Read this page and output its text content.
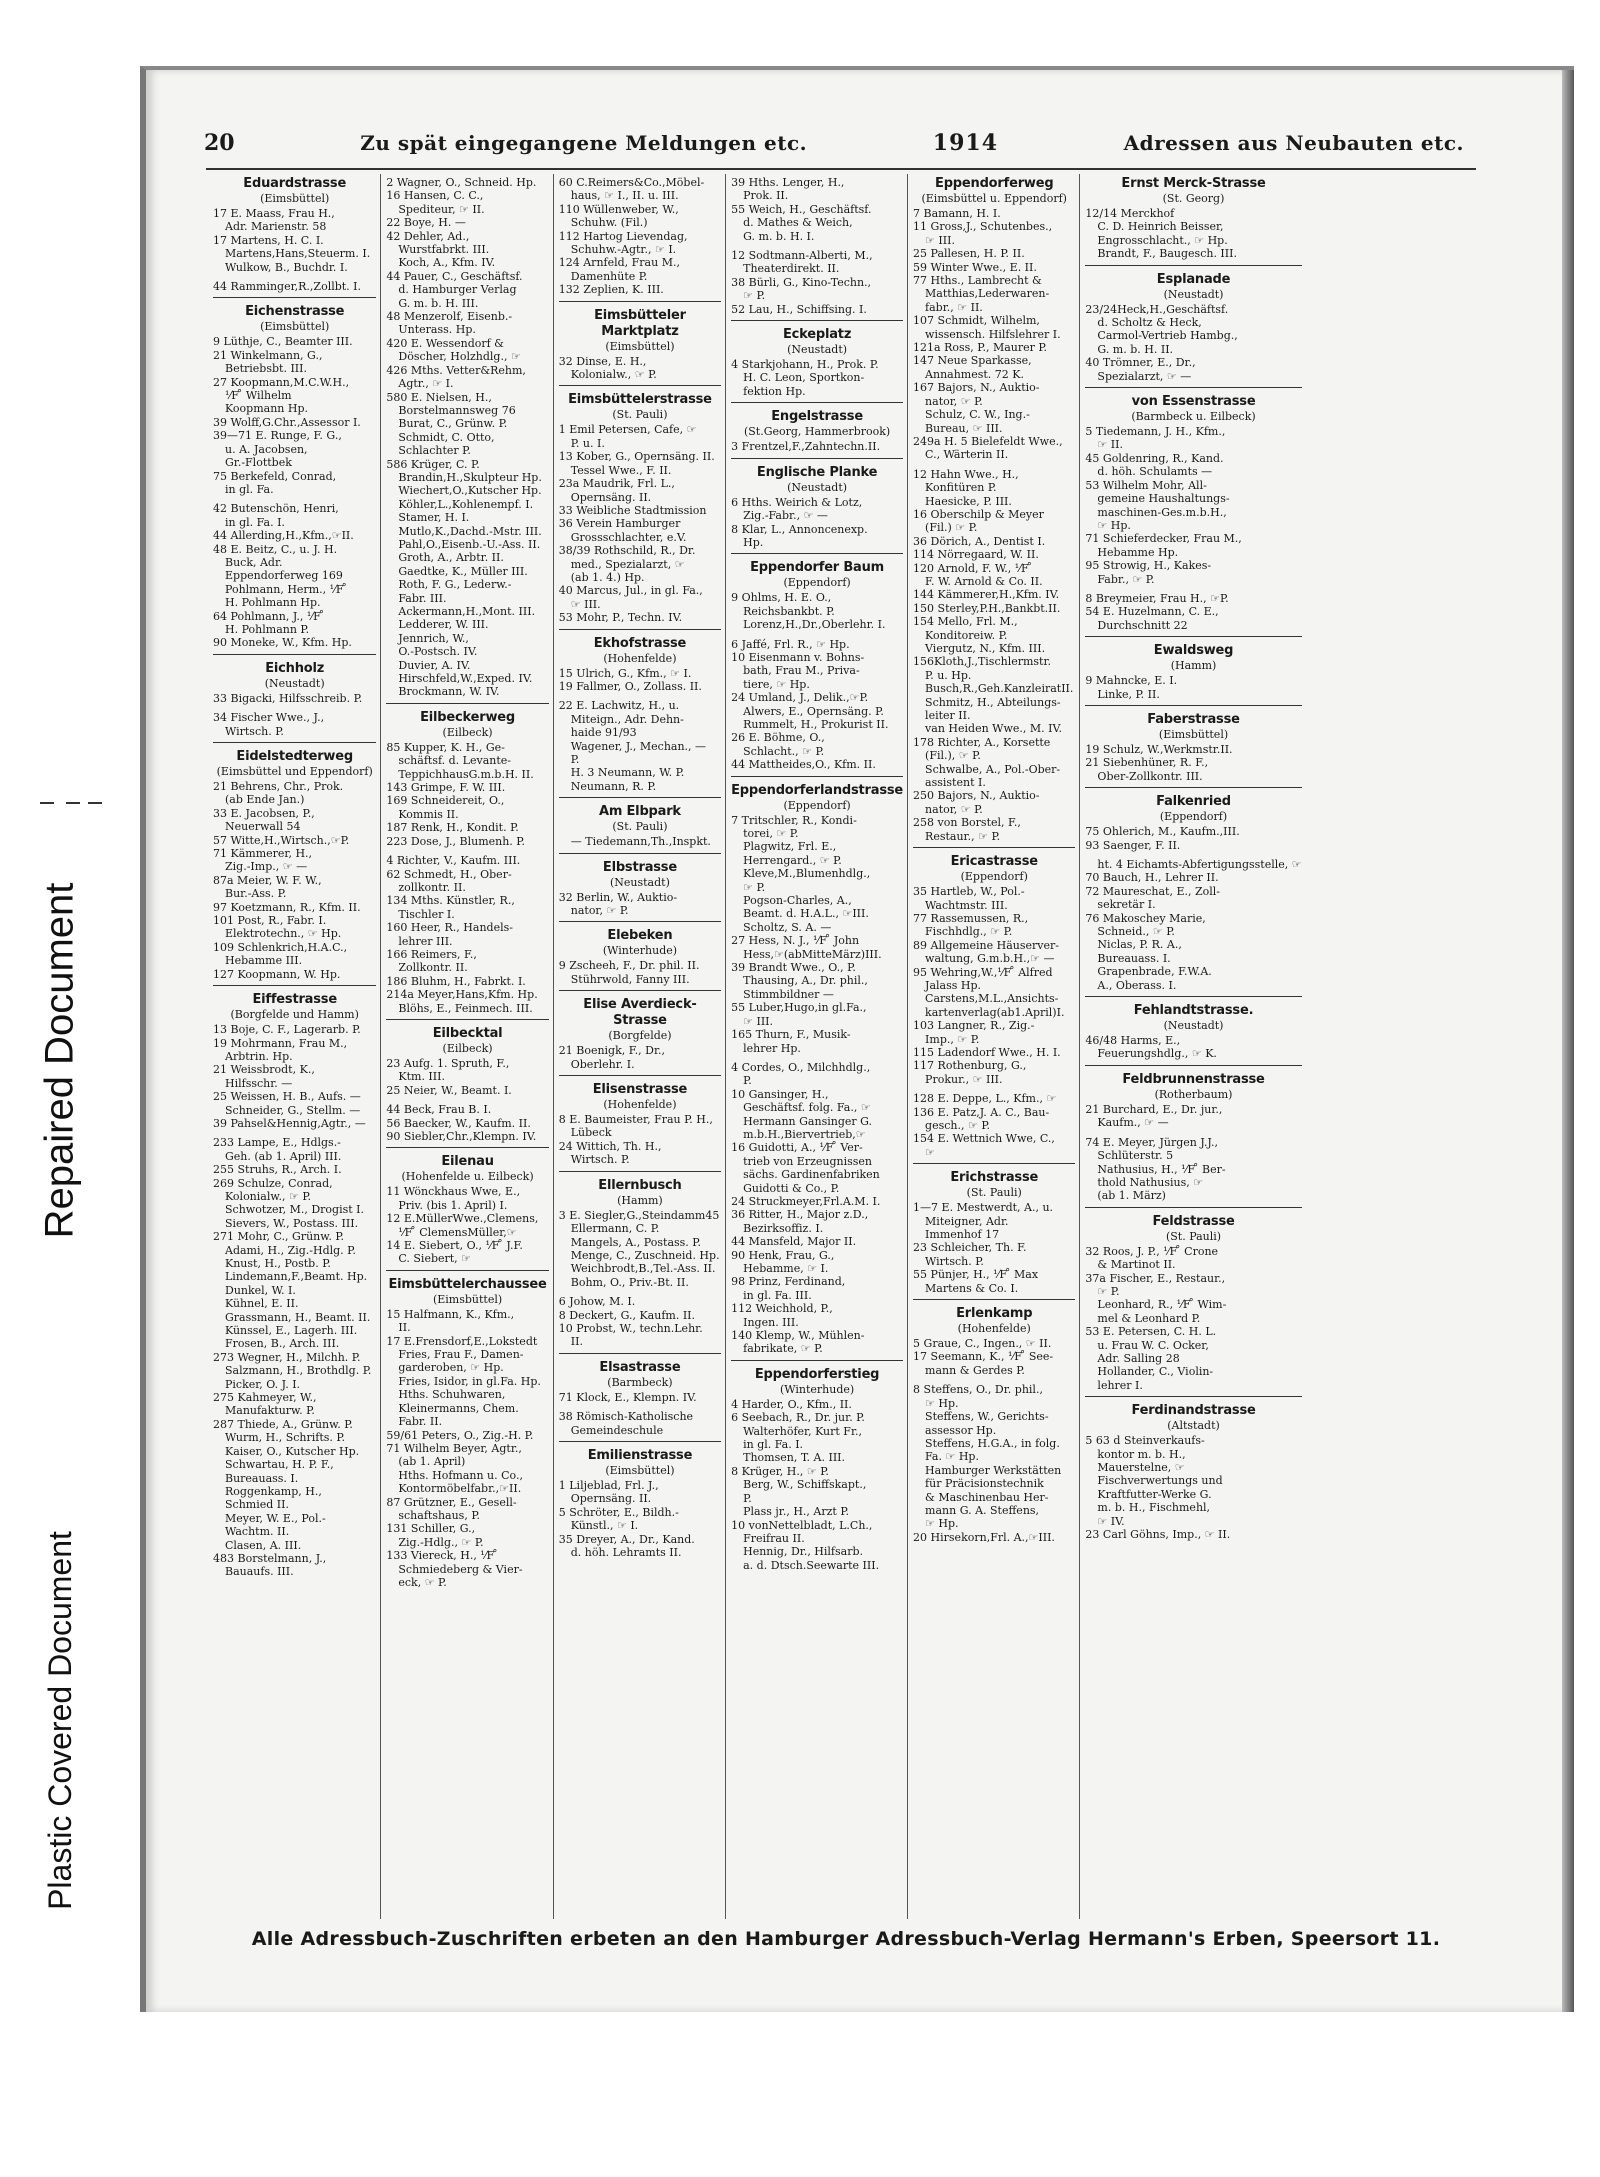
Repaired Document
Plastic Covered Document
20	Zu spät eingegangene Meldungen etc.	1914	Adressen aus Neubauten etc.
Eduardstrasse
(Eimsbüttel)
17 E. Maass, Frau H.,
Adr. Marienstr. 58
17 Martens, H. C. I.
Martens,Hans,Steuerm. I.
Wulkow, B., Buchdr. I.
44 Ramminger,R.,Zollbt. I.
Eichenstrasse
(Eimsbüttel)
9 Lüthje, C., Beamter III.
21 Winkelmann, G.,
Betriebsbt. III.
27 Koopmann,M.C.W.H.,
⅟F ̊ Wilhelm
Koopmann Hp.
39 Wolff,G.Chr.,Assessor I.
39—71 E. Runge, F. G.,
u. A. Jacobsen,
Gr.-Flottbek
75 Berkefeld, Conrad,
in gl. Fa.
42 Butenschön, Henri,
in gl. Fa. I.
44 Allerding,H.,Kfm.,☞II.
48 E. Beitz, C., u. J. H.
Buck, Adr.
Eppendorferweg 169
Pohlmann, Herm., ⅟F ̊
H. Pohlmann Hp.
64 Pohlmann, J., ⅟F ̊
H. Pohlmann P.
90 Moneke, W., Kfm. Hp.
Eichholz
(Neustadt)
33 Bigacki, Hilfsschreib. P.
34 Fischer Wwe., J.,
Wirtsch. P.
Eidelstedterweg
(Eimsbüttel und Eppendorf)
21 Behrens, Chr., Prok.
(ab Ende Jan.)
33 E. Jacobsen, P.,
Neuerwall 54
57 Witte,H.,Wirtsch.,☞P.
71 Kämmerer, H.,
Zig.-Imp., ☞ —
87a Meier, W. F. W.,
Bur.-Ass. P.
97 Koetzmann, R., Kfm. II.
101 Post, R., Fabr. I.
Elektrotechn., ☞ Hp.
109 Schlenkrich,H.A.C.,
Hebamme III.
127 Koopmann, W. Hp.
Eiffestrasse
(Borgfelde und Hamm)
13 Boje, C. F., Lagerarb. P.
19 Mohrmann, Frau M.,
Arbtrin. Hp.
21 Weissbrodt, K.,
Hilfsschr. —
25 Weissen, H. B., Aufs. —
Schneider, G., Stellm. —
39 Pahsel&Hennig,Agtr., —
233 Lampe, E., Hdlgs.-
Geh. (ab 1. April) III.
255 Struhs, R., Arch. I.
269 Schulze, Conrad,
Kolonialw., ☞ P.
Schwotzer, M., Drogist I.
Sievers, W., Postass. III.
271 Mohr, C., Grünw. P.
Adami, H., Zig.-Hdlg. P.
Knust, H., Postb. P.
Lindemann,F.,Beamt. Hp.
Dunkel, W. I.
Kühnel, E. II.
Grassmann, H., Beamt. II.
Künssel, E., Lagerh. III.
Frosen, B., Arch. III.
273 Wegner, H., Milchh. P.
Salzmann, H., Brothdlg. P.
Picker, O. J. I.
275 Kahmeyer, W.,
Manufakturw. P.
287 Thiede, A., Grünw. P.
Wurm, H., Schrifts. P.
Kaiser, O., Kutscher Hp.
Schwartau, H. P. F.,
Bureauass. I.
Roggenkamp, H.,
Schmied II.
Meyer, W. E., Pol.-
Wachtm. II.
Clasen, A. III.
483 Borstelmann, J.,
Bauaufs. III.
2 Wagner, O., Schneid. Hp.
16 Hansen, C. C.,
Spediteur, ☞ II.
22 Boye, H. —
42 Dehler, Ad.,
Wurstfabrkt. III.
Koch, A., Kfm. IV.
44 Pauer, C., Geschäftsf.
d. Hamburger Verlag
G. m. b. H. III.
48 Menzerolf, Eisenb.-
Unterass. Hp.
420 E. Wessendorf &
Döscher, Holzhdlg., ☞
426 Mths. Vetter&Rehm,
Agtr., ☞ I.
580 E. Nielsen, H.,
Borstelmannsweg 76
Burat, C., Grünw. P.
Schmidt, C. Otto,
Schlachter P.
586 Krüger, C. P.
Brandin,H.,Skulpteur Hp.
Wiechert,O.,Kutscher Hp.
Köhler,L.,Kohlenempf. I.
Stamer, H. I.
Mutlo,K.,Dachd.-Mstr. III.
Pahl,O.,Eisenb.-U.-Ass. II.
Groth, A., Arbtr. II.
Gaedtke, K., Müller III.
Roth, F. G., Lederw.-
Fabr. III.
Ackermann,H.,Mont. III.
Ledderer, W. III.
Jennrich, W.,
O.-Postsch. IV.
Duvier, A. IV.
Hirschfeld,W.,Exped. IV.
Brockmann, W. IV.
Eilbeckerweg
(Eilbeck)
85 Kupper, K. H., Ge-
schäftsf. d. Levante-
TeppichhausG.m.b.H. II.
143 Grimpe, F. W. III.
169 Schneidereit, O.,
Kommis II.
187 Renk, H., Kondit. P.
223 Dose, J., Blumenh. P.
4 Richter, V., Kaufm. III.
62 Schmedt, H., Ober-
zollkontr. II.
134 Mths. Künstler, R.,
Tischler I.
160 Heer, R., Handels-
lehrer III.
166 Reimers, F.,
Zollkontr. II.
186 Bluhm, H., Fabrkt. I.
214a Meyer,Hans,Kfm. Hp.
Blöhs, E., Feinmech. III.
Eilbecktal
(Eilbeck)
23 Aufg. 1. Spruth, F.,
Ktm. III.
25 Neier, W., Beamt. I.
44 Beck, Frau B. I.
56 Baecker, W., Kaufm. II.
90 Siebler,Chr.,Klempn. IV.
Eilenau
(Hohenfelde u. Eilbeck)
11 Wönckhaus Wwe, E.,
Priv. (bis 1. April) I.
12 E.MüllerWwe.,Clemens,
⅟F ̊ ClemensMüller,☞
14 E. Siebert, O., ⅟F ̊ J.F.
C. Siebert, ☞
Eimsbüttelerchaussee
(Eimsbüttel)
15 Halfmann, K., Kfm.,
II.
17 E.Frensdorf,E.,Lokstedt
Fries, Frau F., Damen-
garderoben, ☞ Hp.
Fries, Isidor, in gl.Fa. Hp.
Hths. Schuhwaren,
Kleinermanns, Chem.
Fabr. II.
59/61 Peters, O., Zig.-H. P.
71 Wilhelm Beyer, Agtr.,
(ab 1. April)
Hths. Hofmann u. Co.,
Kontormöbelfabr.,☞II.
87 Grützner, E., Gesell-
schaftshaus, P.
131 Schiller, G.,
Zig.-Hdlg., ☞ P.
133 Viereck, H., ⅟F ̊
Schmiedeberg & Vier-
eck, ☞ P.
60 C.Reimers&Co.,Möbel-
haus, ☞ I., II. u. III.
110 Wüllenweber, W.,
Schuhw. (Fil.)
112 Hartog Lievendag,
Schuhw.-Agtr., ☞ I.
124 Arnfeld, Frau M.,
Damenhüte P.
132 Zeplien, K. III.
Eimsbütteler Marktplatz
(Eimsbüttel)
32 Dinse, E. H.,
Kolonialw., ☞ P.
Eimsbüttelerstrasse
(St. Pauli)
1 Emil Petersen, Cafe, ☞
P. u. I.
13 Kober, G., Opernsäng. II.
Tessel Wwe., F. II.
23a Maudrik, Frl. L.,
Opernsäng. II.
33 Weibliche Stadtmission
36 Verein Hamburger
Grossschlachter, e.V.
38/39 Rothschild, R., Dr.
med., Spezialarzt, ☞
(ab 1. 4.) Hp.
40 Marcus, Jul., in gl. Fa.,
☞ III.
53 Mohr, P., Techn. IV.
Ekhofstrasse
(Hohenfelde)
15 Ulrich, G., Kfm., ☞ I.
19 Fallmer, O., Zollass. II.
22 E. Lachwitz, H., u.
Miteign., Adr. Dehn-
haide 91/93
Wagener, J., Mechan., —
P.
H. 3 Neumann, W. P.
Neumann, R. P.
Am Elbpark
(St. Pauli)
— Tiedemann,Th.,Inspkt.
Elbstrasse
(Neustadt)
32 Berlin, W., Auktio-
nator, ☞ P.
Elebeken
(Winterhude)
9 Zscheeh, F., Dr. phil. II.
Stührwold, Fanny III.
Elise Averdieck-Strasse
(Borgfelde)
21 Boenigk, F., Dr.,
Oberlehr. I.
Elisenstrasse
(Hohenfelde)
8 E. Baumeister, Frau P. H.,
Lübeck
24 Wittich, Th. H.,
Wirtsch. P.
Ellernbusch
(Hamm)
3 E. Siegler,G.,Steindamm45
Ellermann, C. P.
Mangels, A., Postass. P.
Menge, C., Zuschneid. Hp.
Weichbrodt,B.,Tel.-Ass. II.
Bohm, O., Priv.-Bt. II.
6 Johow, M. I.
8 Deckert, G., Kaufm. II.
10 Probst, W., techn.Lehr.
II.
Elsastrasse
(Barmbeck)
71 Klock, E., Klempn. IV.
38 Römisch-Katholische
Gemeindeschule
Emilienstrasse
(Eimsbüttel)
1 Liljeblad, Frl. J.,
Opernsäng. II.
5 Schröter, E., Bildh.-
Künstl., ☞ I.
35 Dreyer, A., Dr., Kand.
d. höh. Lehramts II.
39 Hths. Lenger, H.,
Prok. II.
55 Weich, H., Geschäftsf.
d. Mathes & Weich,
G. m. b. H. I.
12 Sodtmann-Alberti, M.,
Theaterdirekt. II.
38 Bürli, G., Kino-Techn.,
☞ P.
52 Lau, H., Schiffsing. I.
Eckeplatz
(Neustadt)
4 Starkjohann, H., Prok. P.
H. C. Leon, Sportkon-
fektion Hp.
Engelstrasse
(St.Georg, Hammerbrook)
3 Frentzel,F.,Zahntechn.II.
Englische Planke
(Neustadt)
6 Hths. Weirich & Lotz,
Zig.-Fabr., ☞ —
8 Klar, L., Annoncenexp.
Hp.
Eppendorfer Baum
(Eppendorf)
9 Ohlms, H. E. O.,
Reichsbankbt. P.
Lorenz,H.,Dr.,Oberlehr. I.
6 Jaffé, Frl. R., ☞ Hp.
10 Eisenmann v. Bohns-
bath, Frau M., Priva-
tiere, ☞ Hp.
24 Umland, J., Delik.,☞P.
Alwers, E., Opernsäng. P.
Rummelt, H., Prokurist II.
26 E. Böhme, O.,
Schlacht., ☞ P.
44 Mattheides,O., Kfm. II.
Eppendorferlandstrasse
(Eppendorf)
7 Tritschler, R., Kondi-
torei, ☞ P.
Plagwitz, Frl. E.,
Herrengard., ☞ P.
Kleve,M.,Blumenhdlg.,
☞ P.
Pogson-Charles, A.,
Beamt. d. H.A.L., ☞III.
Scholtz, S. A. —
27 Hess, N. J., ⅟F ̊ John
Hess,☞(abMitteMärz)III.
39 Brandt Wwe., O., P.
Thausing, A., Dr. phil.,
Stimmbildner —
55 Luber,Hugo,in gl.Fa.,
☞ III.
165 Thurn, F., Musik-
lehrer Hp.
4 Cordes, O., Milchhdlg.,
P.
10 Gansinger, H.,
Geschäftsf. folg. Fa., ☞
Hermann Gansinger G.
m.b.H.,Biervertrieb,☞
16 Guidotti, A., ⅟F ̊ Ver-
trieb von Erzeugnissen
sächs. Gardinenfabriken
Guidotti & Co., P.
24 Struckmeyer,Frl.A.M. I.
36 Ritter, H., Major z.D.,
Bezirksoffiz. I.
44 Mansfeld, Major II.
90 Henk, Frau, G.,
Hebamme, ☞ I.
98 Prinz, Ferdinand,
in gl. Fa. III.
112 Weichhold, P.,
Ingen. III.
140 Klemp, W., Mühlen-
fabrikate, ☞ P.
Eppendorferstieg
(Winterhude)
4 Harder, O., Kfm., II.
6 Seebach, R., Dr. jur. P.
Walterhöfer, Kurt Fr.,
in gl. Fa. I.
Thomsen, T. A. III.
8 Krüger, H., ☞ P.
Berg, W., Schiffskapt.,
P.
Plass jr., H., Arzt P.
10 vonNettelbladt, L.Ch.,
Freifrau II.
Hennig, Dr., Hilfsarb.
a. d. Dtsch.Seewarte III.
Eppendorferweg
(Eimsbüttel u. Eppendorf)
7 Bamann, H. I.
11 Gross,J., Schutenbes.,
☞ III.
25 Pallesen, H. P. II.
59 Winter Wwe., E. II.
77 Hths., Lambrecht &
Matthias,Lederwaren-
fabr., ☞ II.
107 Schmidt, Wilhelm,
wissensch. Hilfslehrer I.
121a Ross, P., Maurer P.
147 Neue Sparkasse,
Annahmest. 72 K.
167 Bajors, N., Auktio-
nator, ☞ P.
Schulz, C. W., Ing.-
Bureau, ☞ III.
249a H. 5 Bielefeldt Wwe.,
C., Wärterin II.
12 Hahn Wwe., H.,
Konfitüren P.
Haesicke, P. III.
16 Oberschilp & Meyer
(Fil.) ☞ P.
36 Dörich, A., Dentist I.
114 Nörregaard, W. II.
120 Arnold, F. W., ⅟F ̊
F. W. Arnold & Co. II.
144 Kämmerer,H.,Kfm. IV.
150 Sterley,P.H.,Bankbt.II.
154 Mello, Frl. M.,
Konditoreiw. P.
Viergutz, N., Kfm. III.
156Kloth,J.,Tischlermstr.
P. u. Hp.
Busch,R.,Geh.KanzleiratII.
Schmitz, H., Abteilungs-
leiter II.
van Heiden Wwe., M. IV.
178 Richter, A., Korsette
(Fil.), ☞ P.
Schwalbe, A., Pol.-Ober-
assistent I.
250 Bajors, N., Auktio-
nator, ☞ P.
258 von Borstel, F.,
Restaur., ☞ P.
Ericastrasse
(Eppendorf)
35 Hartleb, W., Pol.-
Wachtmstr. III.
77 Rassemussen, R.,
Fischhdlg., ☞ P.
89 Allgemeine Häuserver-
waltung, G.m.b.H.,☞ —
95 Wehring,W.,⅟F ̊ Alfred
Jalass Hp.
Carstens,M.L.,Ansichts-
kartenverlag(ab1.April)I.
103 Langner, R., Zig.-
Imp., ☞ P.
115 Ladendorf Wwe., H. I.
117 Rothenburg, G.,
Prokur., ☞ III.
128 E. Deppe, L., Kfm., ☞
136 E. Patz,J. A. C., Bau-
gesch., ☞ P.
154 E. Wettnich Wwe, C.,
☞
Erichstrasse
(St. Pauli)
1—7 E. Mestwerdt, A., u.
Miteigner, Adr.
Immenhof 17
23 Schleicher, Th. F.
Wirtsch. P.
55 Pünjer, H., ⅟F ̊ Max
Martens & Co. I.
Erlenkamp
(Hohenfelde)
5 Graue, C., Ingen., ☞ II.
17 Seemann, K., ⅟F ̊ See-
mann & Gerdes P.
8 Steffens, O., Dr. phil.,
☞ Hp.
Steffens, W., Gerichts-
assessor Hp.
Steffens, H.G.A., in folg.
Fa. ☞ Hp.
Hamburger Werkstätten
für Präcisionstechnik
& Maschinenbau Her-
mann G. A. Steffens,
☞ Hp.
20 Hirsekorn,Frl. A.,☞III.
Ernst Merck-Strasse
(St. Georg)
12/14 Merckhof
C. D. Heinrich Beisser,
Engrosschlacht., ☞ Hp.
Brandt, F., Baugesch. III.
Esplanade
(Neustadt)
23/24Heck,H.,Geschäftsf.
d. Scholtz & Heck,
Carmol-Vertrieb Hambg.,
G. m. b. H. II.
40 Trömner, E., Dr.,
Spezialarzt, ☞ —
von Essenstrasse
(Barmbeck u. Eilbeck)
5 Tiedemann, J. H., Kfm.,
☞ II.
45 Goldenring, R., Kand.
d. höh. Schulamts —
53 Wilhelm Mohr, All-
gemeine Haushaltungs-
maschinen-Ges.m.b.H.,
☞ Hp.
71 Schieferdecker, Frau M.,
Hebamme Hp.
95 Strowig, H., Kakes-
Fabr., ☞ P.
8 Breymeier, Frau H., ☞P.
54 E. Huzelmann, C. E.,
Durchschnitt 22
Ewaldsweg
(Hamm)
9 Mahncke, E. I.
Linke, P. II.
Faberstrasse
(Eimsbüttel)
19 Schulz, W.,Werkmstr.II.
21 Siebenhüner, R. F.,
Ober-Zollkontr. III.
Falkenried
(Eppendorf)
75 Ohlerich, M., Kaufm.,III.
93 Saenger, F. II.
ht. 4 Eichamts-Abfertigungsstelle, ☞
70 Bauch, H., Lehrer II.
72 Maureschat, E., Zoll-
sekretär I.
76 Makoschey Marie,
Schneid., ☞ P.
Niclas, P. R. A.,
Bureauass. I.
Grapenbrade, F.W.A.
A., Oberass. I.
Fehlandtstrasse.
(Neustadt)
46/48 Harms, E.,
Feuerungshdlg., ☞ K.
Feldbrunnenstrasse
(Rotherbaum)
21 Burchard, E., Dr. jur.,
Kaufm., ☞ —
74 E. Meyer, Jürgen J.J.,
Schlüterstr. 5
Nathusius, H., ⅟F ̊ Ber-
thold Nathusius, ☞
(ab 1. März)
Feldstrasse
(St. Pauli)
32 Roos, J. P., ⅟F ̊ Crone
& Martinot II.
37a Fischer, E., Restaur.,
☞ P.
Leonhard, R., ⅟F ̊ Wim-
mel & Leonhard P.
53 E. Petersen, C. H. L.
u. Frau W. C. Ocker,
Adr. Salling 28
Hollander, C., Violin-
lehrer I.
Ferdinandstrasse
(Altstadt)
5 63 d Steinverkaufs-
kontor m. b. H.,
Mauerstelne, ☞
Fischverwertungs und
Kraftfutter-Werke G.
m. b. H., Fischmehl,
☞ IV.
23 Carl Göhns, Imp., ☞ II.
Alle Adressbuch-Zuschriften erbeten an den Hamburger Adressbuch-Verlag Hermann's Erben, Speersort 11.
